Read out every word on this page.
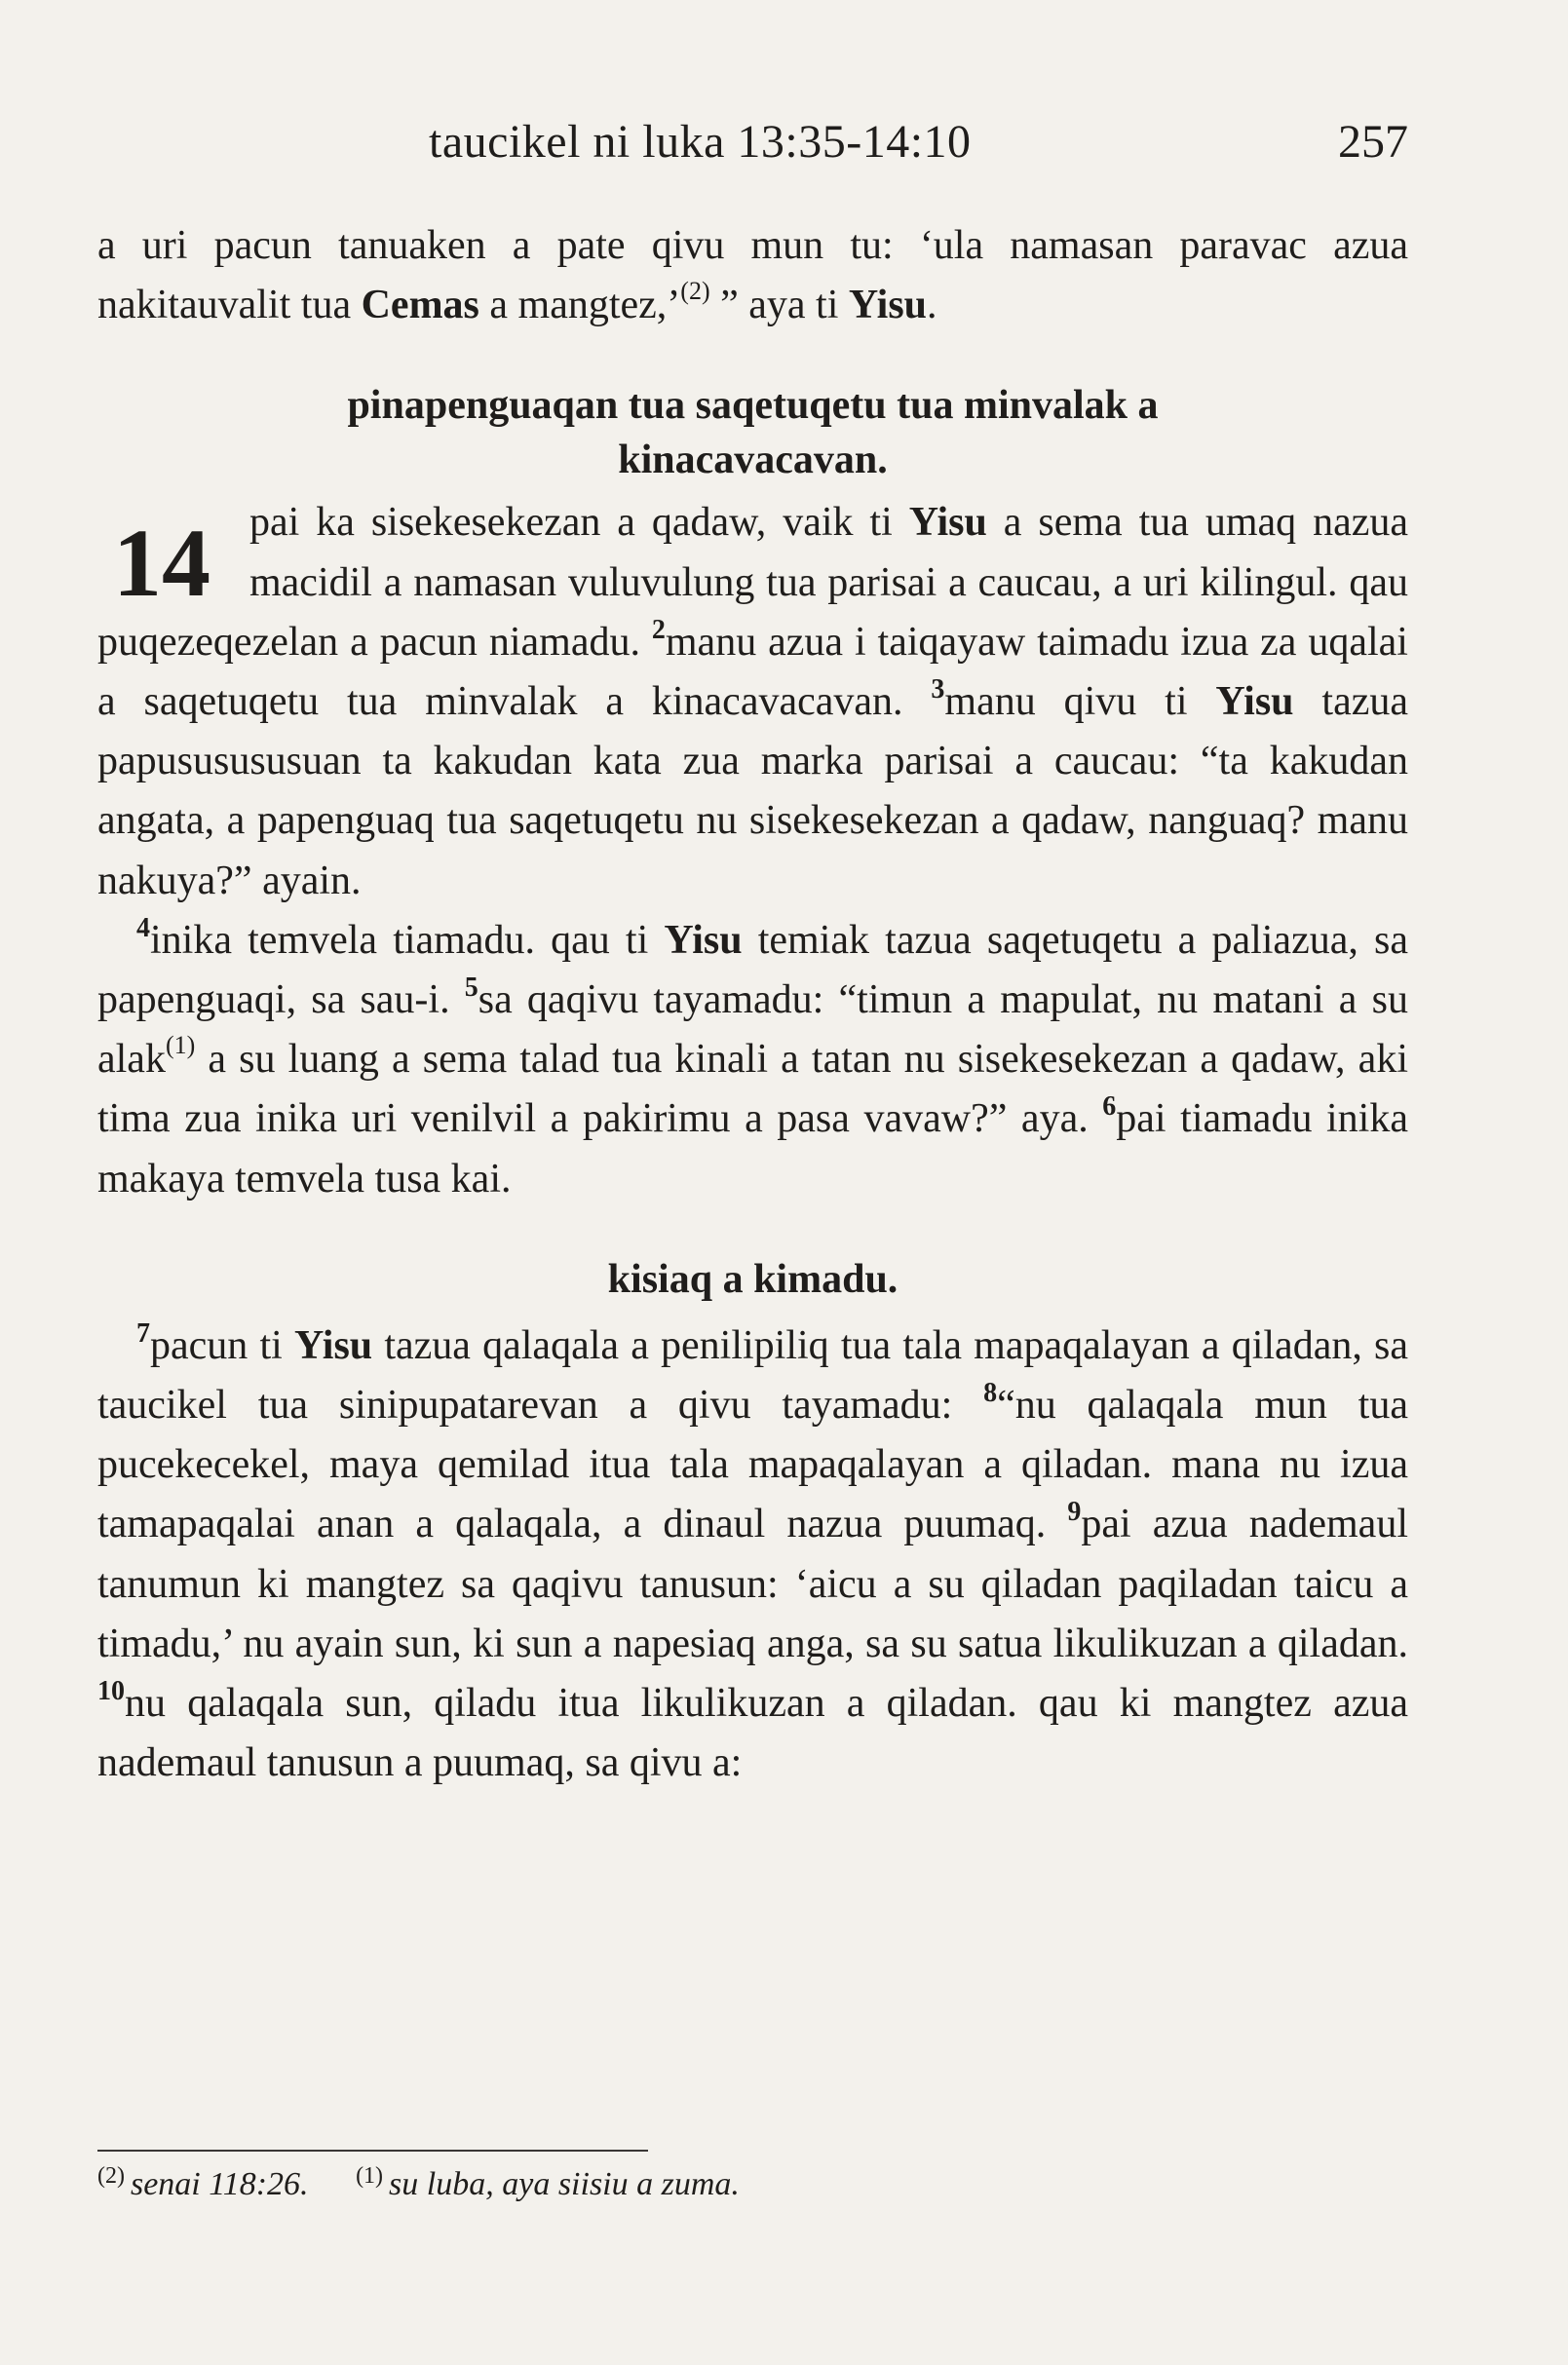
taucikel ni luka 13:35-14:10	257

a uri pacun tanuaken a pate qivu mun tu: ‘ula namasan paravac azua nakitauvalit tua Cemas a mangtez,’$^{(2)}$ ” aya ti Yisu.

pinapenguaqan tua saqetuqetu tua minvalak a
kinacavacavan.
14 pai ka sisekesekezan a qadaw, vaik ti Yisu a sema tua umaq nazua macidil a namasan vuluvulung tua parisai a caucau, a uri kilingul. qau puqezeqezelan a pacun niamadu. $^2$manu azua i taiqayaw taimadu izua za uqalai a saqetuqetu tua minvalak a kinacavacavan. $^3$manu qivu ti Yisu tazua papususususuan ta kakudan kata zua marka parisai a caucau: “ta kakudan angata, a papenguaq tua saqetuqetu nu sisekesekezan a qadaw, nanguaq? manu nakuya?” ayain.

$^4$inika temvela tiamadu. qau ti Yisu temiak tazua saqetuqetu a paliazua, sa papenguaqi, sa sau-i. $^5$sa qaqivu tayamadu: “timun a mapulat, nu matani a su alak$^{(1)}$ a su luang a sema talad tua kinali a tatan nu sisekesekezan a qadaw, aki tima zua inika uri venilvil a pakirimu a pasa vavaw?” aya. $^6$pai tiamadu inika makaya temvela tusa kai.

kisiaq a kimadu.

$^7$pacun ti Yisu tazua qalaqala a penilipiliq tua tala mapaqalayan a qiladan, sa taucikel tua sinipupatarevan a qivu tayamadu: $^8$“nu qalaqala mun tua pucekecekel, maya qemilad itua tala mapaqalayan a qiladan. mana nu izua tamapaqalai anan a qalaqala, a dinaul nazua puumaq. $^9$pai azua nademaul tanumun ki mangtez sa qaqivu tanusun: ‘aicu a su qiladan paqiladan taicu a timadu,’ nu ayain sun, ki sun a napesiaq anga, sa su satua likulikuzan a qiladan. $^{10}$nu qalaqala sun, qiladu itua likulikuzan a qiladan. qau ki mangtez azua nademaul tanusun a puumaq, sa qivu a:

$^{(2)}$ senai 118:26. $^{(1)}$ su luba, aya siisiu a zuma.
